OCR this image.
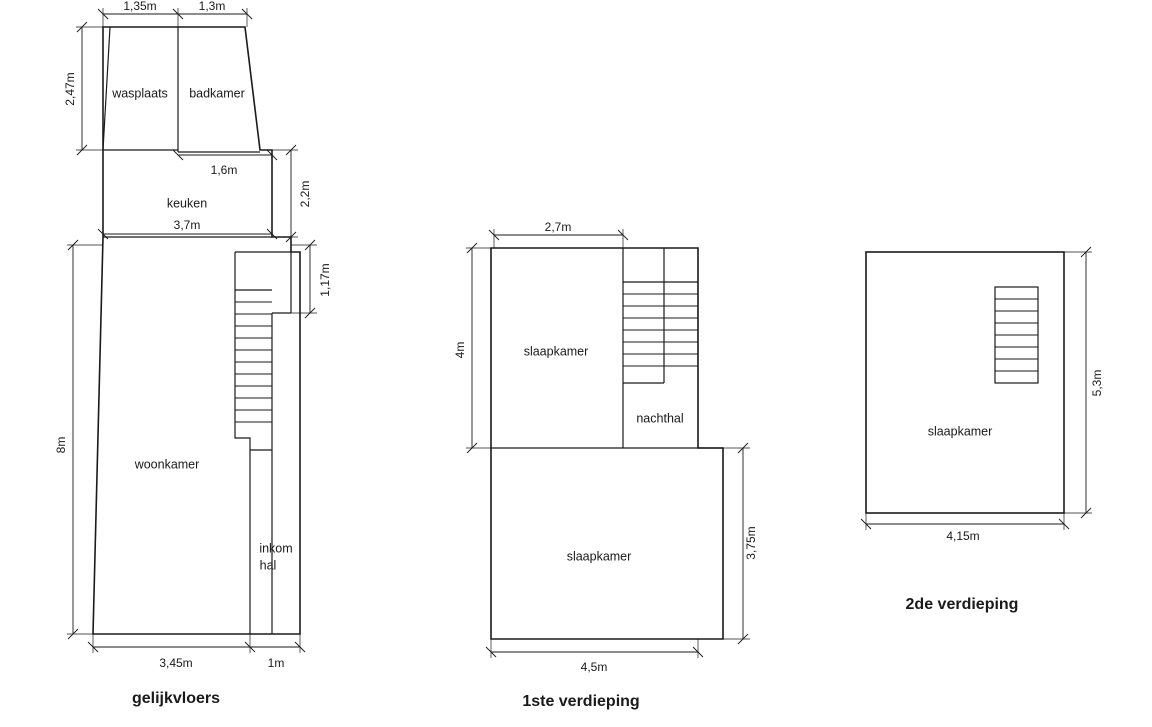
1,35m	1,3m
2,47m
1,6m
2,2m
3,7m
1,17m
8m
3,45m	1m
wasplaats badkamer
keuken
woonkamer
inkom
hal
gelijkvloers
2,7m
4m
3,75m
4,5m
slaapkamer
nachthal
slaapkamer
1ste verdieping
5,3m
4,15m
slaapkamer
2de verdieping
